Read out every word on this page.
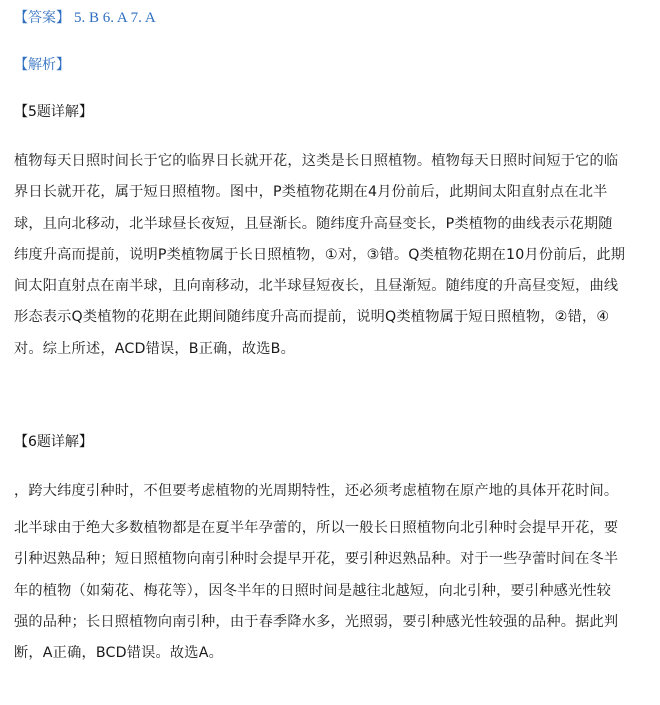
【答案】 5. B 6. A 7. A
【解析】
【5题详解】
植物每天日照时间长于它的临界日长就开花，这类是长日照植物。植物每天日照时间短于它的临
界日长就开花，属于短日照植物。图中，P类植物花期在4月份前后，此期间太阳直射点在北半
球，且向北移动，北半球昼长夜短，且昼渐长。随纬度升高昼变长，P类植物的曲线表示花期随
纬度升高而提前，说明P类植物属于长日照植物，①对，③错。Q类植物花期在10月份前后，此期
间太阳直射点在南半球，且向南移动，北半球昼短夜长，且昼渐短。随纬度的升高昼变短，曲线
形态表示Q类植物的花期在此期间随纬度升高而提前，说明Q类植物属于短日照植物，②错，④
对。综上所述，ACD错误，B正确，故选B。
【6题详解】
，跨大纬度引种时，不但要考虑植物的光周期特性，还必须考虑植物在原产地的具体开花时间。
北半球由于绝大多数植物都是在夏半年孕蕾的，所以一般长日照植物向北引种时会提早开花，要
引种迟熟品种；短日照植物向南引种时会提早开花，要引种迟熟品种。对于一些孕蕾时间在冬半
年的植物（如菊花、梅花等），因冬半年的日照时间是越往北越短，向北引种，要引种感光性较
强的品种；长日照植物向南引种，由于春季降水多，光照弱，要引种感光性较强的品种。据此判
断，A正确，BCD错误。故选A。
